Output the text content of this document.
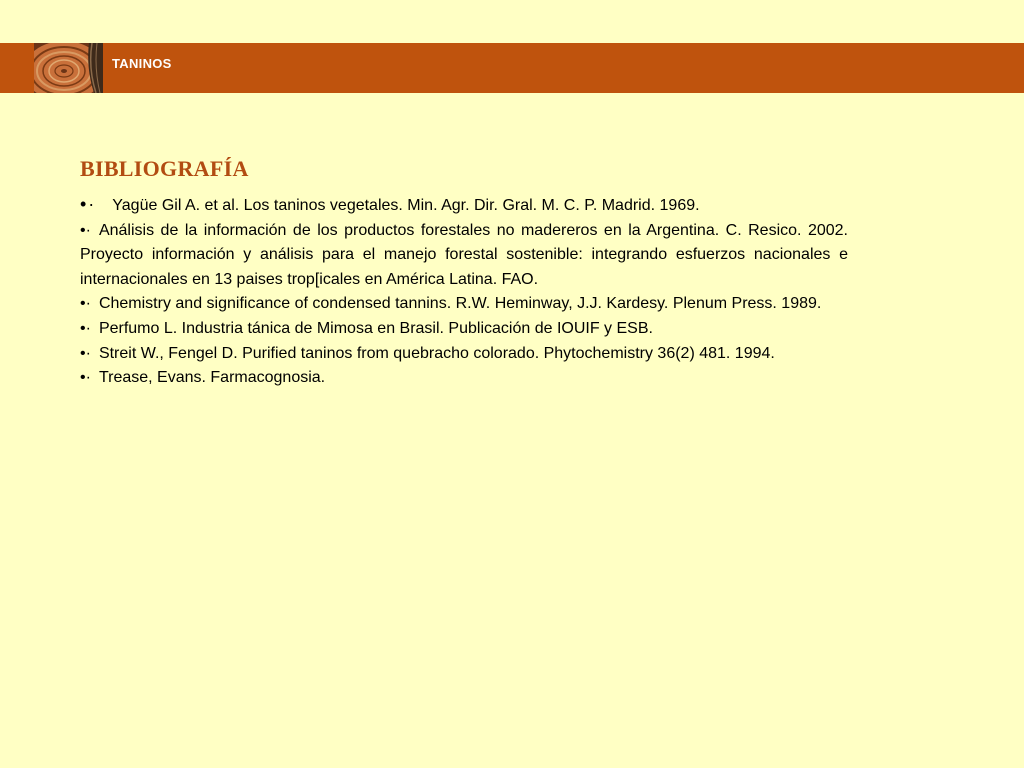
TANINOS
BIBLIOGRAFÍA
•· Yagüe Gil A. et al. Los taninos vegetales. Min. Agr. Dir. Gral. M. C. P. Madrid. 1969.
•· Análisis de la información de los productos forestales no madereros en la Argentina. C. Resico. 2002. Proyecto información y análisis para el manejo forestal sostenible: integrando esfuerzos nacionales e internacionales en 13 paises trop[icales en América Latina. FAO.
•· Chemistry and significance of condensed tannins. R.W. Heminway, J.J. Kardesy. Plenum Press. 1989.
•· Perfumo L. Industria tánica de Mimosa en Brasil. Publicación de IOUIF y ESB.
•· Streit W., Fengel D. Purified taninos from quebracho colorado. Phytochemistry 36(2) 481. 1994.
•· Trease, Evans. Farmacognosia.
